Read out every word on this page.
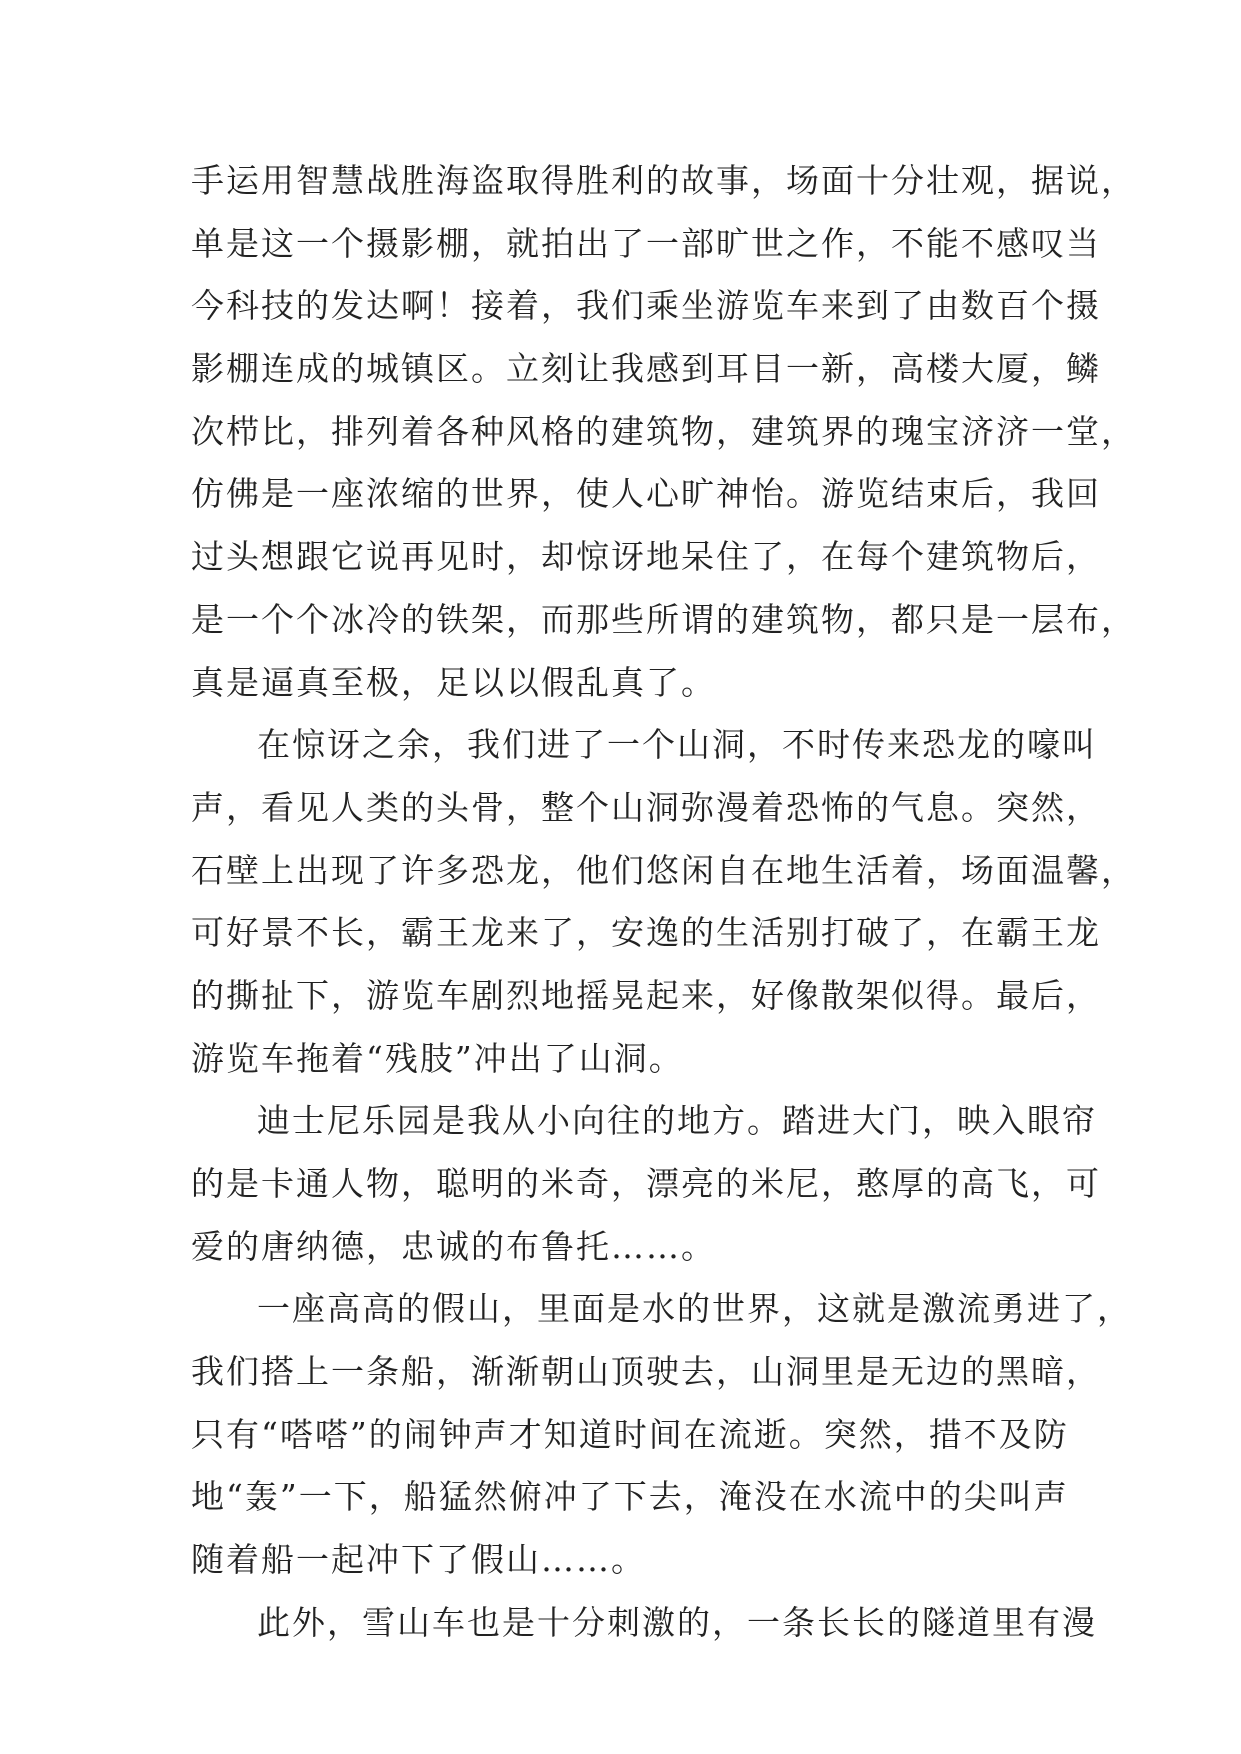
手运用智慧战胜海盗取得胜利的故事，场面十分壮观，据说，
单是这一个摄影棚，就拍出了一部旷世之作，不能不感叹当
今科技的发达啊！接着，我们乘坐游览车来到了由数百个摄
影棚连成的城镇区。立刻让我感到耳目一新，高楼大厦，鳞
次栉比，排列着各种风格的建筑物，建筑界的瑰宝济济一堂，
仿佛是一座浓缩的世界，使人心旷神怡。游览结束后，我回
过头想跟它说再见时，却惊讶地呆住了，在每个建筑物后，
是一个个冰冷的铁架，而那些所谓的建筑物，都只是一层布，
真是逼真至极，足以以假乱真了。
在惊讶之余，我们进了一个山洞，不时传来恐龙的嚎叫
声，看见人类的头骨，整个山洞弥漫着恐怖的气息。突然，
石壁上出现了许多恐龙，他们悠闲自在地生活着，场面温馨，
可好景不长，霸王龙来了，安逸的生活别打破了，在霸王龙
的撕扯下，游览车剧烈地摇晃起来，好像散架似得。最后，
游览车拖着“残肢”冲出了山洞。
迪士尼乐园是我从小向往的地方。踏进大门，映入眼帘
的是卡通人物，聪明的米奇，漂亮的米尼，憨厚的高飞，可
爱的唐纳德，忠诚的布鲁托……。
一座高高的假山，里面是水的世界，这就是激流勇进了，
我们搭上一条船，渐渐朝山顶驶去，山洞里是无边的黑暗，
只有“嗒嗒”的闹钟声才知道时间在流逝。突然，措不及防
地“轰”一下，船猛然俯冲了下去，淹没在水流中的尖叫声
随着船一起冲下了假山……。
此外，雪山车也是十分刺激的，一条长长的隧道里有漫
